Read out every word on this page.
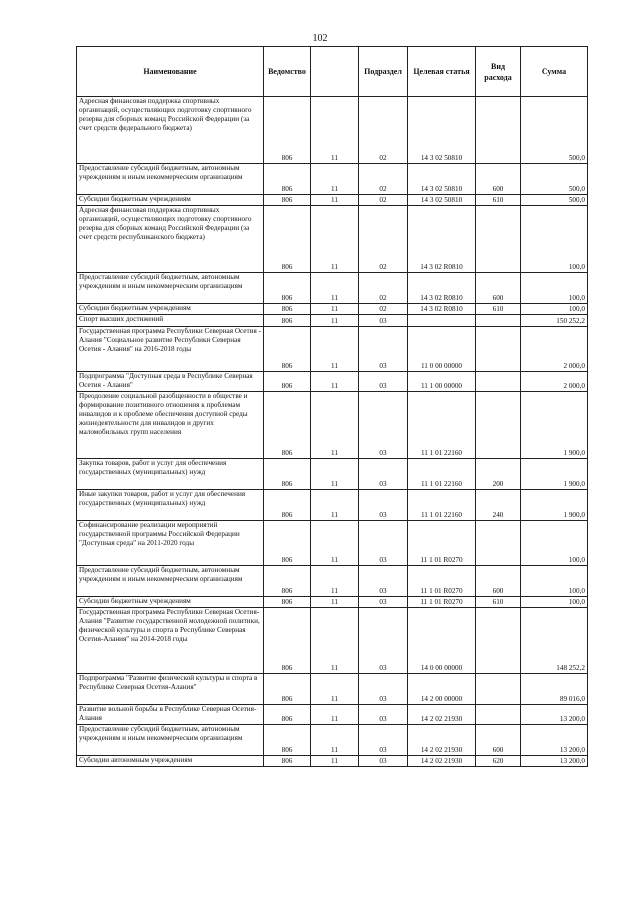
102
Наименование	Ведомство		Подраздел	Целевая статья	Вид расхода	Сумма
Адресная финансовая поддержка спортивных организаций, осуществляющих подготовку спортивного резерва для сборных команд Российской Федерации (за счет средств федерального бюджета)	806	11	02	14 3 02 50810		500,0
Предоставление субсидий бюджетным, автономным учреждениям и иным некоммерческим организациям	806	11	02	14 3 02 50810	600	500,0
Субсидии бюджетным учреждениям	806	11	02	14 3 02 50810	610	500,0
Адресная финансовая поддержка спортивных организаций, осуществляющих подготовку спортивного резерва для сборных команд Российской Федерации (за счет средств республиканского бюджета)	806	11	02	14 3 02 R0810		100,0
Предоставление субсидий бюджетным, автономным учреждениям и иным некоммерческим организациям	806	11	02	14 3 02 R0810	600	100,0
Субсидии бюджетным учреждениям	806	11	02	14 3 02 R0810	610	100,0
Спорт высших достижений	806	11	03			150 252,2
Государственная программа Республики Северная Осетия - Алания "Социальное развитие Республики Северная Осетия - Алания" на 2016-2018 годы	806	11	03	11 0 00 00000		2 000,0
Подпрограмма "Доступная среда в Республике Северная Осетия - Алания"	806	11	03	11 1 00 00000		2 000,0
Преодоление социальной разобщенности в обществе и формирование позитивного отношения к проблемам инвалидов и к проблеме обеспечения доступной среды жизнедеятельности для инвалидов и других маломобильных групп населения	806	11	03	11 1 01 22160		1 900,0
Закупка товаров, работ и услуг для обеспечения государственных (муниципальных) нужд	806	11	03	11 1 01 22160	200	1 900,0
Иные закупки товаров, работ и услуг для обеспечения государственных (муниципальных) нужд	806	11	03	11 1 01 22160	240	1 900,0
Софинансирование реализации мероприятий государственной программы Российской Федерации "Доступная среда" на 2011-2020 годы	806	11	03	11 1 01 R0270		100,0
Предоставление субсидий бюджетным, автономным учреждениям и иным некоммерческим организациям	806	11	03	11 1 01 R0270	600	100,0
Субсидии бюджетным учреждениям	806	11	03	11 1 01 R0270	610	100,0
Государственная программа Республики Северная Осетия-Алания "Развитие государственной молодежной политики, физической культуры и спорта в Республике Северная Осетия-Алания" на 2014-2018 годы	806	11	03	14 0 00 00000		148 252,2
Подпрограмма "Развитие физической культуры и спорта в Республике Северная Осетия-Алания"	806	11	03	14 2 00 00000		89 016,0
Развитие вольной борьбы в Республике Северная Осетия-Алания	806	11	03	14 2 02 21930		13 200,0
Предоставление субсидий бюджетным, автономным учреждениям и иным некоммерческим организациям	806	11	03	14 2 02 21930	600	13 200,0
Субсидии автономным учреждениям	806	11	03	14 2 02 21930	620	13 200,0
